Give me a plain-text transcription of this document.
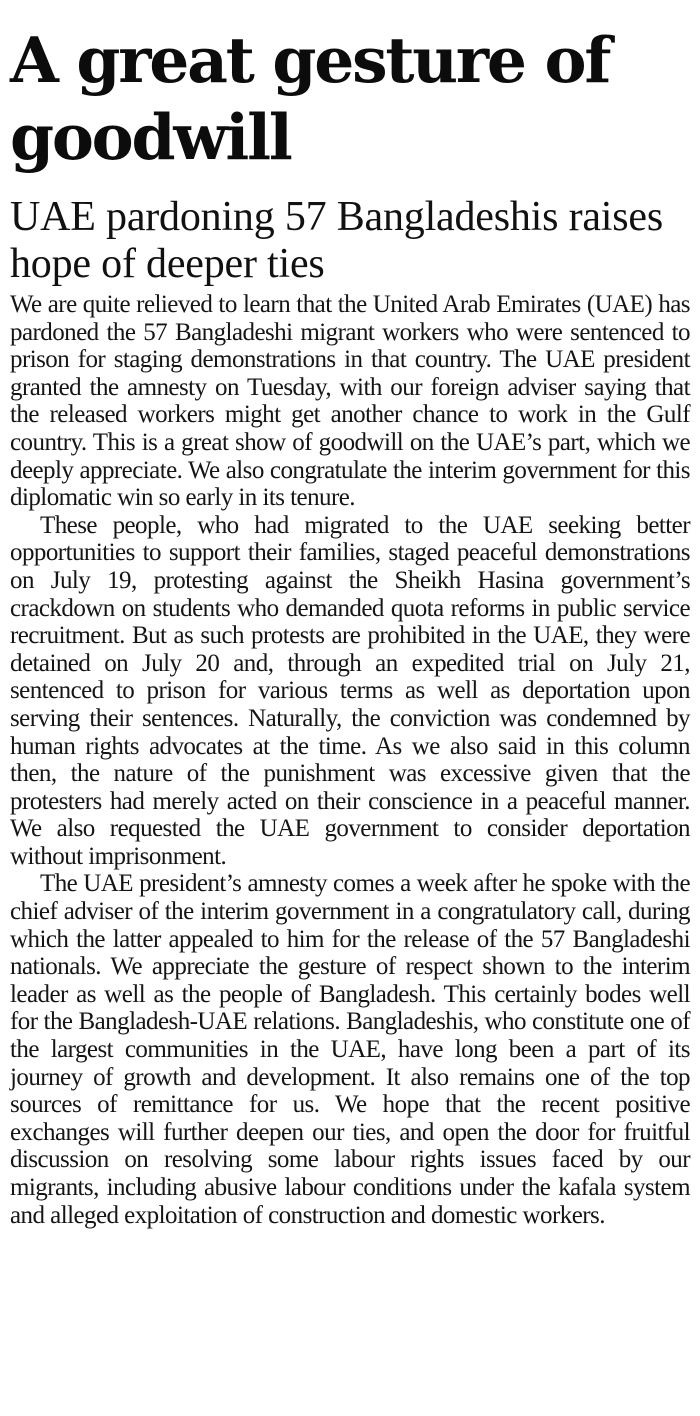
A great gesture of goodwill
UAE pardoning 57 Bangladeshis raises hope of deeper ties

We are quite relieved to learn that the United Arab Emirates (UAE) has pardoned the 57 Bangladeshi migrant workers who were sentenced to prison for staging demonstrations in that country. The UAE president granted the amnesty on Tuesday, with our foreign adviser saying that the released workers might get another chance to work in the Gulf country. This is a great show of goodwill on the UAE’s part, which we deeply appreciate. We also congratulate the interim government for this diplomatic win so early in its tenure.

These people, who had migrated to the UAE seeking better opportunities to support their families, staged peaceful demonstrations on July 19, protesting against the Sheikh Hasina government’s crackdown on students who demanded quota reforms in public service recruitment. But as such protests are prohibited in the UAE, they were detained on July 20 and, through an expedited trial on July 21, sentenced to prison for various terms as well as deportation upon serving their sentences. Naturally, the conviction was condemned by human rights advocates at the time. As we also said in this column then, the nature of the punishment was excessive given that the protesters had merely acted on their conscience in a peaceful manner. We also requested the UAE government to consider deportation without imprisonment.

The UAE president’s amnesty comes a week after he spoke with the chief adviser of the interim government in a congratulatory call, during which the latter appealed to him for the release of the 57 Bangladeshi nationals. We appreciate the gesture of respect shown to the interim leader as well as the people of Bangladesh. This certainly bodes well for the Bangladesh-UAE relations. Bangladeshis, who constitute one of the largest communities in the UAE, have long been a part of its journey of growth and development. It also remains one of the top sources of remittance for us. We hope that the recent positive exchanges will further deepen our ties, and open the door for fruitful discussion on resolving some labour rights issues faced by our migrants, including abusive labour conditions under the kafala system and alleged exploitation of construction and domestic workers.
